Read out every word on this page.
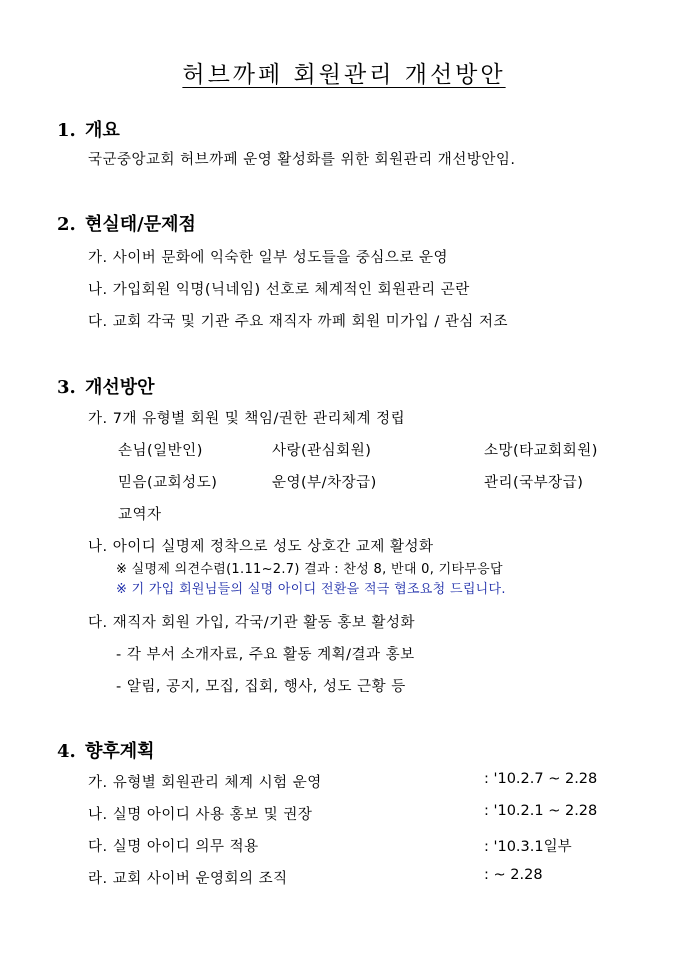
허브까페 회원관리 개선방안
1. 개요
국군중앙교회 허브까페 운영 활성화를 위한 회원관리 개선방안임.
2. 현실태/문제점
가. 사이버 문화에 익숙한 일부 성도들을 중심으로 운영
나. 가입회원 익명(닉네임) 선호로 체계적인 회원관리 곤란
다. 교회 각국 및 기관 주요 재직자 까페 회원 미가입 / 관심 저조
3. 개선방안
가. 7개 유형별 회원 및 책임/권한 관리체계 정립
손님(일반인)	사랑(관심회원)	소망(타교회회원)
믿음(교회성도)	운영(부/차장급)	관리(국부장급)
교역자
나. 아이디 실명제 정착으로 성도 상호간 교제 활성화
※ 실명제 의견수렴(1.11~2.7) 결과 : 찬성 8, 반대 0, 기타무응답
※ 기 가입 회원님들의 실명 아이디 전환을 적극 협조요청 드립니다.
다. 재직자 회원 가입, 각국/기관 활동 홍보 활성화
- 각 부서 소개자료, 주요 활동 계획/결과 홍보
- 알림, 공지, 모집, 집회, 행사, 성도 근황 등
4. 향후계획
가. 유형별 회원관리 체계 시험 운영	: '10.2.7 ~ 2.28
나. 실명 아이디 사용 홍보 및 권장	: '10.2.1 ~ 2.28
다. 실명 아이디 의무 적용	: '10.3.1일부
라. 교회 사이버 운영회의 조직	: ~ 2.28
